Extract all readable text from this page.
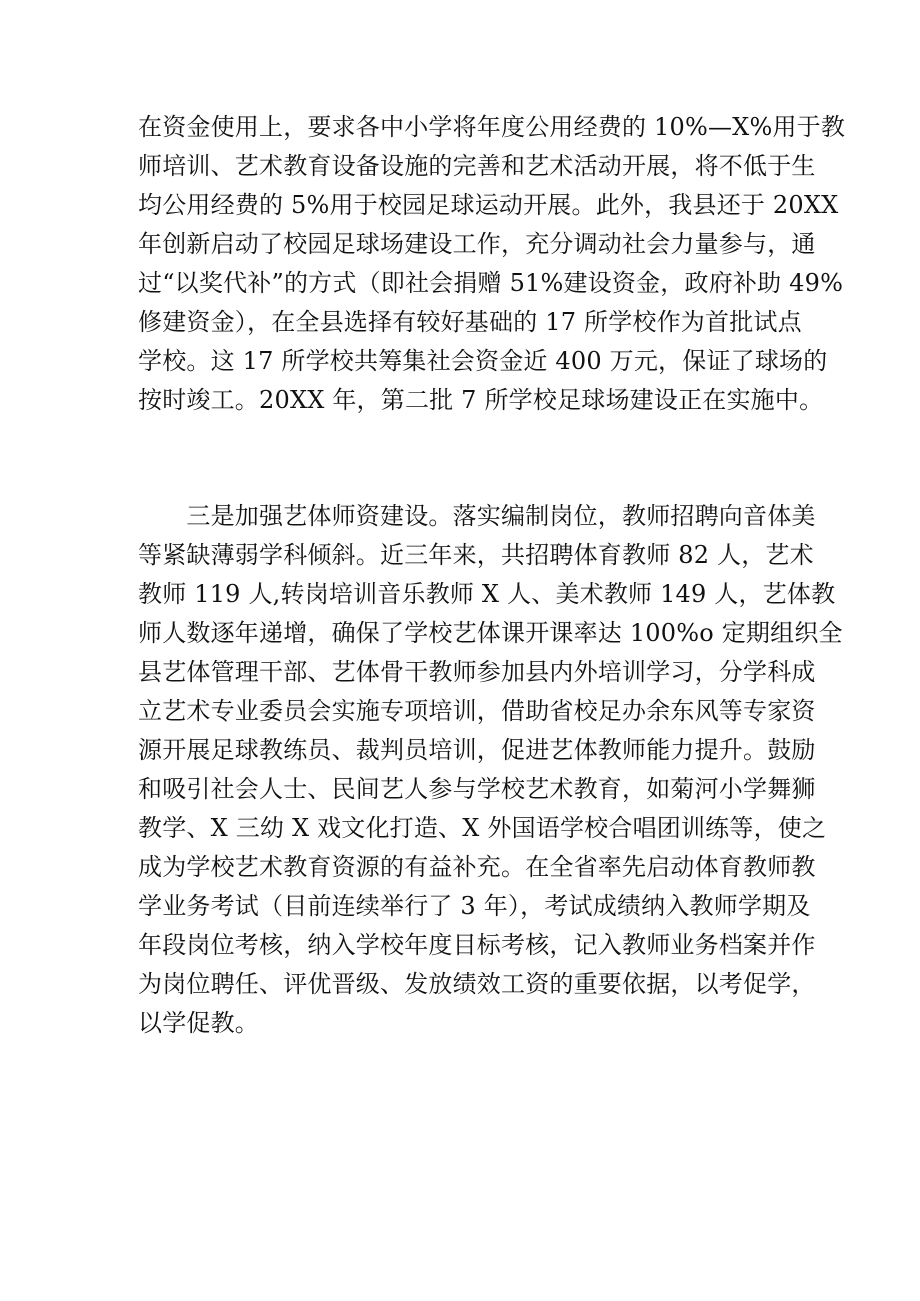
在资金使用上，要求各中小学将年度公用经费的 10%—X%用于教
师培训、艺术教育设备设施的完善和艺术活动开展，将不低于生
均公用经费的 5%用于校园足球运动开展。此外，我县还于 20XX
年创新启动了校园足球场建设工作，充分调动社会力量参与，通
过“以奖代补”的方式（即社会捐赠 51%建设资金，政府补助 49%
修建资金），在全县选择有较好基础的 17 所学校作为首批试点
学校。这 17 所学校共筹集社会资金近 400 万元，保证了球场的
按时竣工。20XX 年，第二批 7 所学校足球场建设正在实施中。
　　三是加强艺体师资建设。落实编制岗位，教师招聘向音体美
等紧缺薄弱学科倾斜。近三年来，共招聘体育教师 82 人，艺术
教师 119 人,转岗培训音乐教师 X 人、美术教师 149 人，艺体教
师人数逐年递增，确保了学校艺体课开课率达 100%o 定期组织全
县艺体管理干部、艺体骨干教师参加县内外培训学习，分学科成
立艺术专业委员会实施专项培训，借助省校足办余东风等专家资
源开展足球教练员、裁判员培训，促进艺体教师能力提升。鼓励
和吸引社会人士、民间艺人参与学校艺术教育，如菊河小学舞狮
教学、X 三幼 X 戏文化打造、X 外国语学校合唱团训练等，使之
成为学校艺术教育资源的有益补充。在全省率先启动体育教师教
学业务考试（目前连续举行了 3 年），考试成绩纳入教师学期及
年段岗位考核，纳入学校年度目标考核，记入教师业务档案并作
为岗位聘任、评优晋级、发放绩效工资的重要依据，以考促学，
以学促教。
